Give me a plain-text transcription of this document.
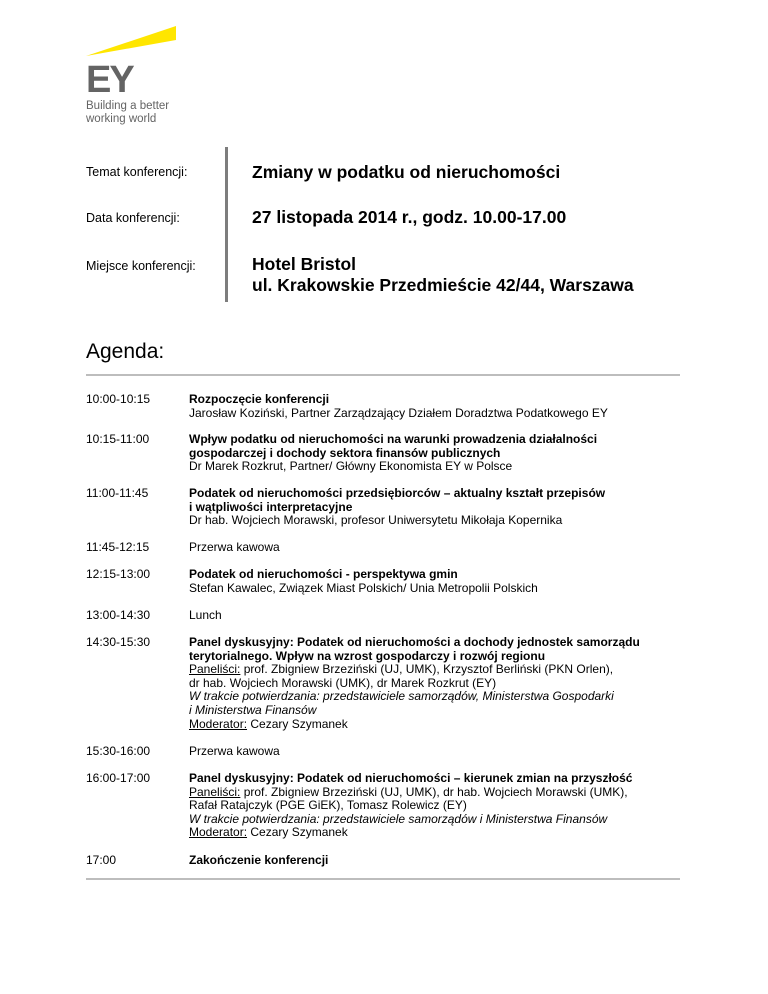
EY
Building a better
working world
Temat konferencji:	Zmiany w podatku od nieruchomości
Data konferencji:	27 listopada 2014 r., godz. 10.00-17.00
Miejsce konferencji:	Hotel Bristol
ul. Krakowskie Przedmieście 42/44, Warszawa
Agenda:
10:00-10:15	Rozpoczęcie konferencji
Jarosław Koziński, Partner Zarządzający Działem Doradztwa Podatkowego EY
10:15-11:00	Wpływ podatku od nieruchomości na warunki prowadzenia działalności
gospodarczej i dochody sektora finansów publicznych
Dr Marek Rozkrut, Partner/ Główny Ekonomista EY w Polsce
11:00-11:45	Podatek od nieruchomości przedsiębiorców – aktualny kształt przepisów
i wątpliwości interpretacyjne
Dr hab. Wojciech Morawski, profesor Uniwersytetu Mikołaja Kopernika
11:45-12:15	Przerwa kawowa
12:15-13:00	Podatek od nieruchomości - perspektywa gmin
Stefan Kawalec, Związek Miast Polskich/ Unia Metropolii Polskich
13:00-14:30	Lunch
14:30-15:30	Panel dyskusyjny: Podatek od nieruchomości a dochody jednostek samorządu
terytorialnego. Wpływ na wzrost gospodarczy i rozwój regionu
Paneliści: prof. Zbigniew Brzeziński (UJ, UMK), Krzysztof Berliński (PKN Orlen),
dr hab. Wojciech Morawski (UMK), dr Marek Rozkrut (EY)
W trakcie potwierdzania: przedstawiciele samorządów, Ministerstwa Gospodarki
i Ministerstwa Finansów
Moderator: Cezary Szymanek
15:30-16:00	Przerwa kawowa
16:00-17:00	Panel dyskusyjny: Podatek od nieruchomości – kierunek zmian na przyszłość
Paneliści: prof. Zbigniew Brzeziński (UJ, UMK), dr hab. Wojciech Morawski (UMK),
Rafał Ratajczyk (PGE GiEK), Tomasz Rolewicz (EY)
W trakcie potwierdzania: przedstawiciele samorządów i Ministerstwa Finansów
Moderator: Cezary Szymanek
17:00	Zakończenie konferencji
